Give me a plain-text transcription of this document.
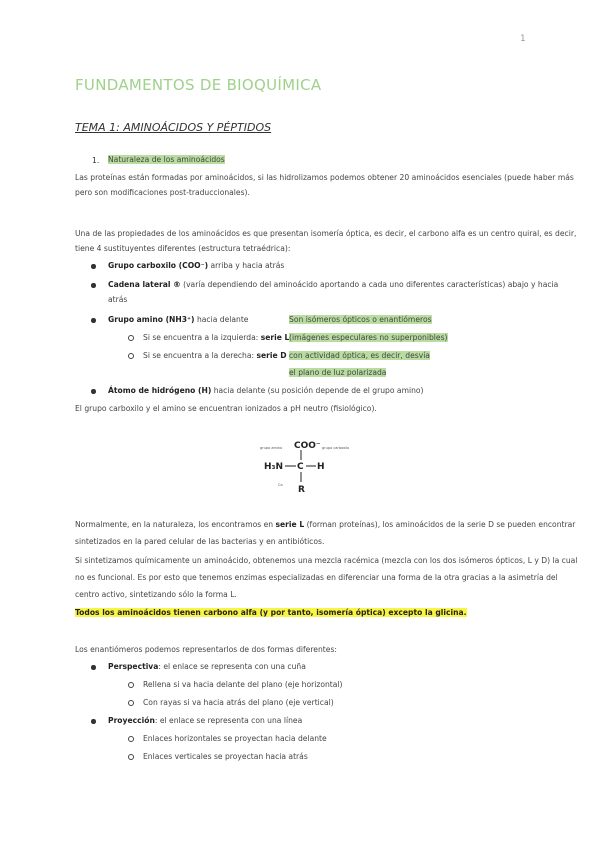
1
FUNDAMENTOS DE BIOQUÍMICA
TEMA 1: AMINOÁCIDOS Y PÉPTIDOS
1. Naturaleza de los aminoácidos
Las proteínas están formadas por aminoácidos, si las hidrolizamos podemos obtener 20 aminoácidos esenciales (puede haber más
pero son modificaciones post-traduccionales).
Una de las propiedades de los aminoácidos es que presentan isomería óptica, es decir, el carbono alfa es un centro quiral, es decir,
tiene 4 sustituyentes diferentes (estructura tetraédrica):
Grupo carboxilo (COO⁻) arriba y hacia atrás
Cadena lateral ® (varía dependiendo del aminoácido aportando a cada uno diferentes características) abajo y hacia
atrás
Grupo amino (NH3⁺) hacia delante
Si se encuentra a la izquierda: serie L
Si se encuentra a la derecha: serie D
Son isómeros ópticos o enantiómeros
(imágenes especulares no superponibles)
con actividad óptica, es decir, desvía
el plano de luz polarizada
Átomo de hidrógeno (H) hacia delante (su posición depende de el grupo amino)
El grupo carboxilo y el amino se encuentran ionizados a pH neutro (fisiológico).
grupo amino COO⁻ grupo carboxilo
H₃N C H
R
Ca
Normalmente, en la naturaleza, los encontramos en serie L (forman proteínas), los aminoácidos de la serie D se pueden encontrar
sintetizados en la pared celular de las bacterias y en antibióticos.
Si sintetizamos químicamente un aminoácido, obtenemos una mezcla racémica (mezcla con los dos isómeros ópticos, L y D) la cual
no es funcional. Es por esto que tenemos enzimas especializadas en diferenciar una forma de la otra gracias a la asimetría del
centro activo, sintetizando sólo la forma L.
Todos los aminoácidos tienen carbono alfa (y por tanto, isomería óptica) excepto la glicina.
Los enantiómeros podemos representarlos de dos formas diferentes:
Perspectiva: el enlace se representa con una cuña
Rellena si va hacia delante del plano (eje horizontal)
Con rayas si va hacia atrás del plano (eje vertical)
Proyección: el enlace se representa con una línea
Enlaces horizontales se proyectan hacia delante
Enlaces verticales se proyectan hacia atrás
